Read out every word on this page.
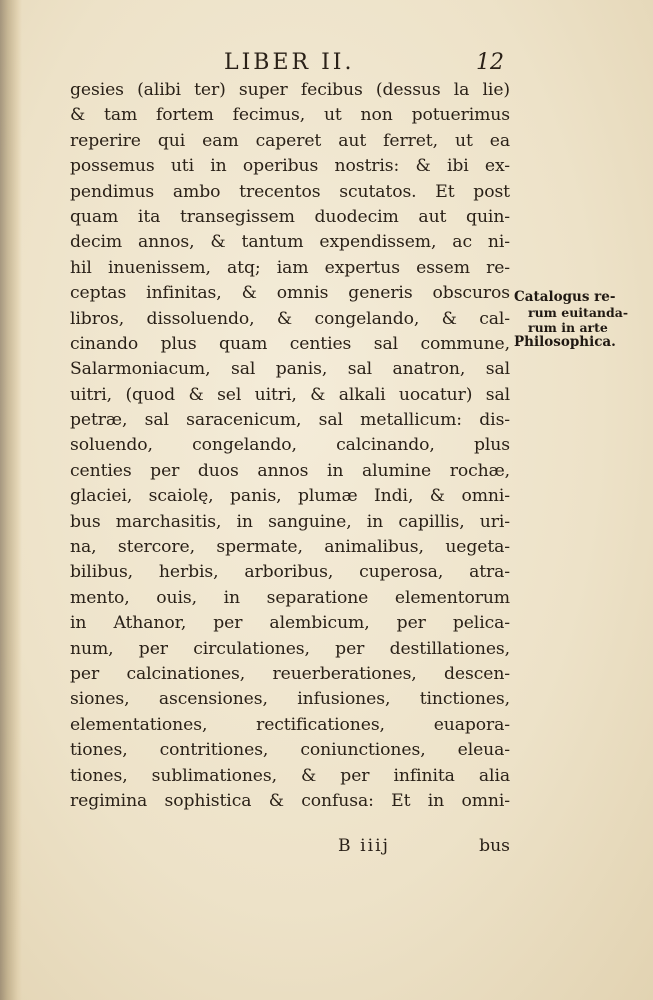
LIBER II.	12
gesies (alibi ter) super fecibus (dessus la lie)
& tam fortem fecimus, ut non potuerimus
reperire qui eam caperet aut ferret, ut ea
possemus uti in operibus nostris: & ibi ex-
pendimus ambo trecentos scutatos. Et post
quam ita transegissem duodecim aut quin-
decim annos, & tantum expendissem, ac ni-
hil inuenissem, atq; iam expertus essem re-
ceptas infinitas, & omnis generis obscuros
libros, dissoluendo, & congelando, & cal-
cinando plus quam centies sal commune,
Salarmoniacum, sal panis, sal anatron, sal
uitri, (quod & sel uitri, & alkali uocatur) sal
petræ, sal saracenicum, sal metallicum: dis-
soluendo, congelando, calcinando, plus
centies per duos annos in alumine rochæ,
glaciei, scaiolę, panis, plumæ Indi, & omni-
bus marchasitis, in sanguine, in capillis, uri-
na, stercore, spermate, animalibus, uegeta-
bilibus, herbis, arboribus, cuperosa, atra-
mento, ouis, in separatione elementorum
in Athanor, per alembicum, per pelica-
num, per circulationes, per destillationes,
per calcinationes, reuerberationes, descen-
siones, ascensiones, infusiones, tinctiones,
elementationes, rectificationes, euapora-
tiones, contritiones, coniunctiones, eleua-
tiones, sublimationes, & per infinita alia
regimina sophistica & confusa: Et in omni-
B iiij	bus
Catalogus re-
rum euitanda-
rum in arte
Philosophica.
